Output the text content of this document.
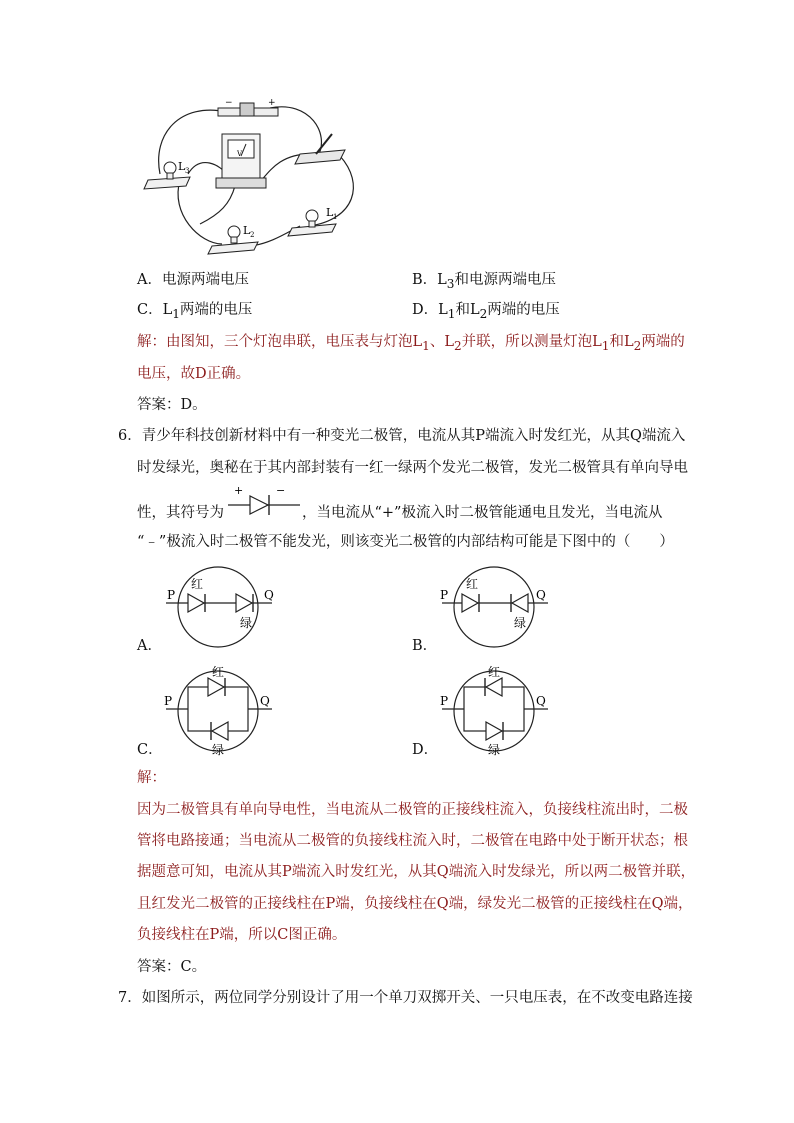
−	+
V
L 3
L 2
L 1
A．电源两端电压	B．$L_3$和电源两端电压
C．$L_1$两端的电压	D．$L_1$和$L_2$两端的电压
解：由图知，三个灯泡串联，电压表与灯泡$L_1$、$L_2$并联，所以测量灯泡$L_1$和$L_2$两端的
电压，故D正确。
答案：D。
6．青少年科技创新材料中有一种变光二极管，电流从其P端流入时发红光，从其Q端流入
时发绿光，奥秘在于其内部封装有一红一绿两个发光二极管，发光二极管具有单向导电
性，其符号为
+	−
，当电流从“+”极流入时二极管能通电且发光，当电流从
“﹣”极流入时二极管不能发光，则该变光二极管的内部结构可能是下图中的（　　）
P	Q
红
绿
A．
P	Q
红
绿
B．
P	Q
红
绿
C．
P	Q
红
绿
D．
解：
因为二极管具有单向导电性，当电流从二极管的正接线柱流入，负接线柱流出时，二极
管将电路接通；当电流从二极管的负接线柱流入时，二极管在电路中处于断开状态；根
据题意可知，电流从其P端流入时发红光，从其Q端流入时发绿光，所以两二极管并联，
且红发光二极管的正接线柱在P端，负接线柱在Q端，绿发光二极管的正接线柱在Q端，
负接线柱在P端，所以C图正确。
答案：C。
7．如图所示，两位同学分别设计了用一个单刀双掷开关、一只电压表，在不改变电路连接
